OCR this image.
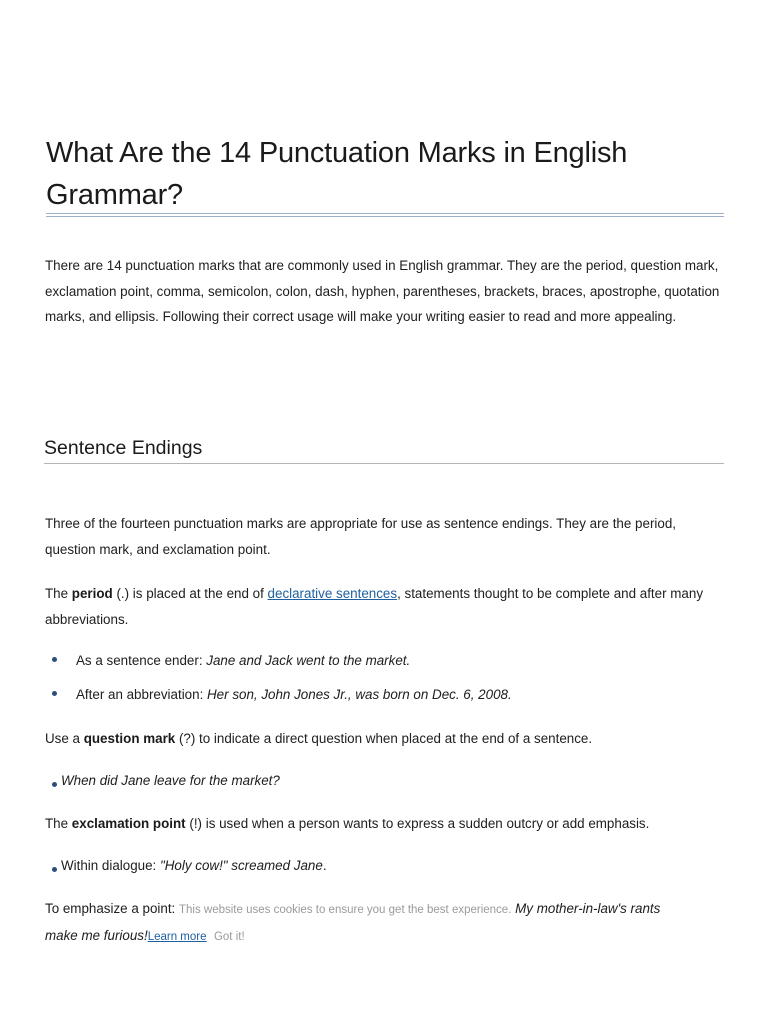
What Are the 14 Punctuation Marks in English Grammar?

There are 14 punctuation marks that are commonly used in English grammar. They are the period, question mark, exclamation point, comma, semicolon, colon, dash, hyphen, parentheses, brackets, braces, apostrophe, quotation marks, and ellipsis. Following their correct usage will make your writing easier to read and more appealing.

Sentence Endings

Three of the fourteen punctuation marks are appropriate for use as sentence endings. They are the period, question mark, and exclamation point.

The period (.) is placed at the end of declarative sentences, statements thought to be complete and after many abbreviations.

As a sentence ender: Jane and Jack went to the market.
After an abbreviation: Her son, John Jones Jr., was born on Dec. 6, 2008.

Use a question mark (?) to indicate a direct question when placed at the end of a sentence.

When did Jane leave for the market?

The exclamation point (!) is used when a person wants to express a sudden outcry or add emphasis.

Within dialogue: "Holy cow!" screamed Jane.
To emphasize a point: This website uses cookies to ensure you get the best experience. My mother-in-law's rants
make me furious!Learn more Got it!
